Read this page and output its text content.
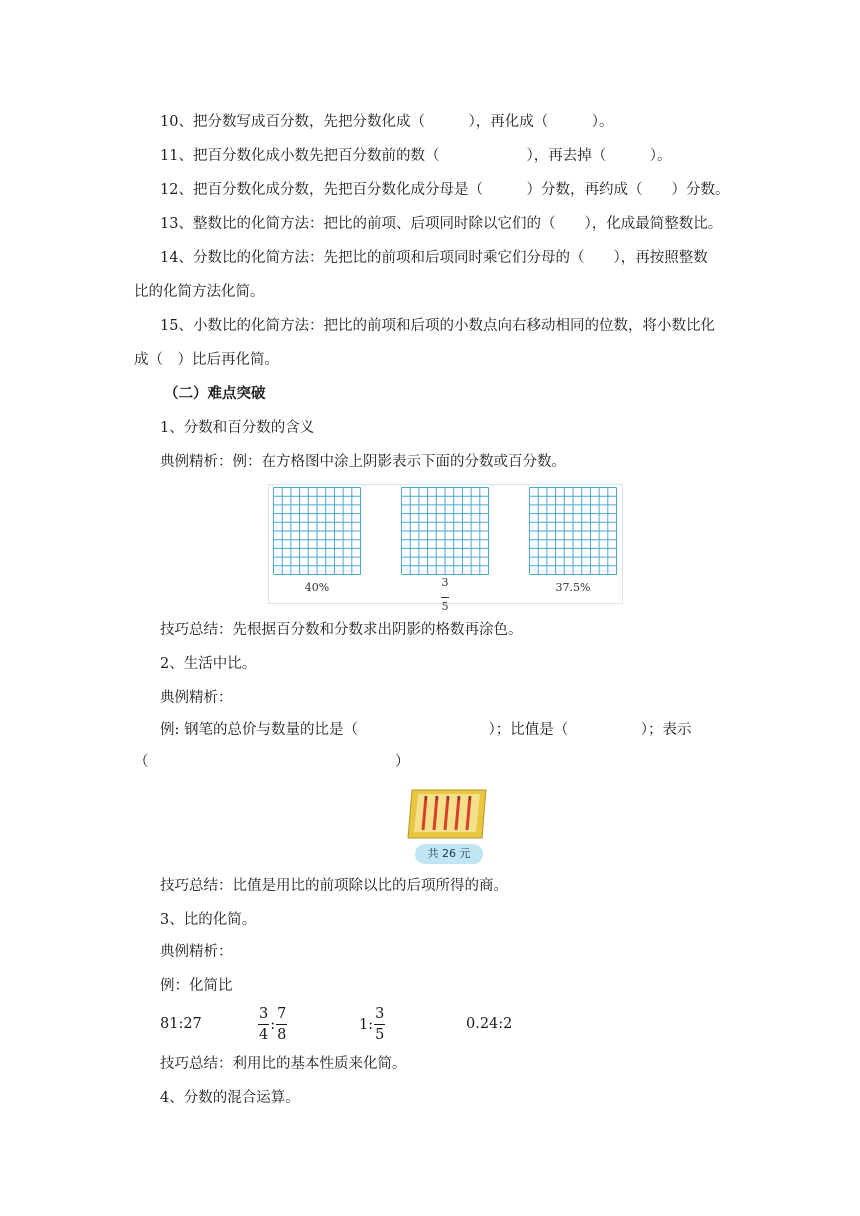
10、把分数写成百分数，先把分数化成（　　　），再化成（　　　）。
11、把百分数化成小数先把百分数前的数（　　　　　　），再去掉（　　　）。
12、把百分数化成分数，先把百分数化成分母是（　　　）分数，再约成（　　）分数。
13、整数比的化简方法：把比的前项、后项同时除以它们的（　　），化成最简整数比。
14、分数比的化简方法：先把比的前项和后项同时乘它们分母的（　　），再按照整数
比的化简方法化简。
15、小数比的化简方法：把比的前项和后项的小数点向右移动相同的位数，将小数比化
成（　）比后再化简。
（二）难点突破
1、分数和百分数的含义
典例精析：例：在方格图中涂上阴影表示下面的分数或百分数。
40%	3

5
37.5%
技巧总结：先根据百分数和分数求出阴影的格数再涂色。
2、生活中比。
典例精析：
例: 钢笔的总价与数量的比是（　　　　　　　　　）；比值是（　　　　　）；表示
（　　　　　　　　　　　　　　　　　）
共 26 元
技巧总结：比值是用比的前项除以比的后项所得的商。
3、比的化简。
典例精析：
例：化简比
81:27	$\frac{3}{4}$ : $\frac{7}{8}$	1: $\frac{3}{5}$	0.24:2
技巧总结：利用比的基本性质来化简。
4、分数的混合运算。
